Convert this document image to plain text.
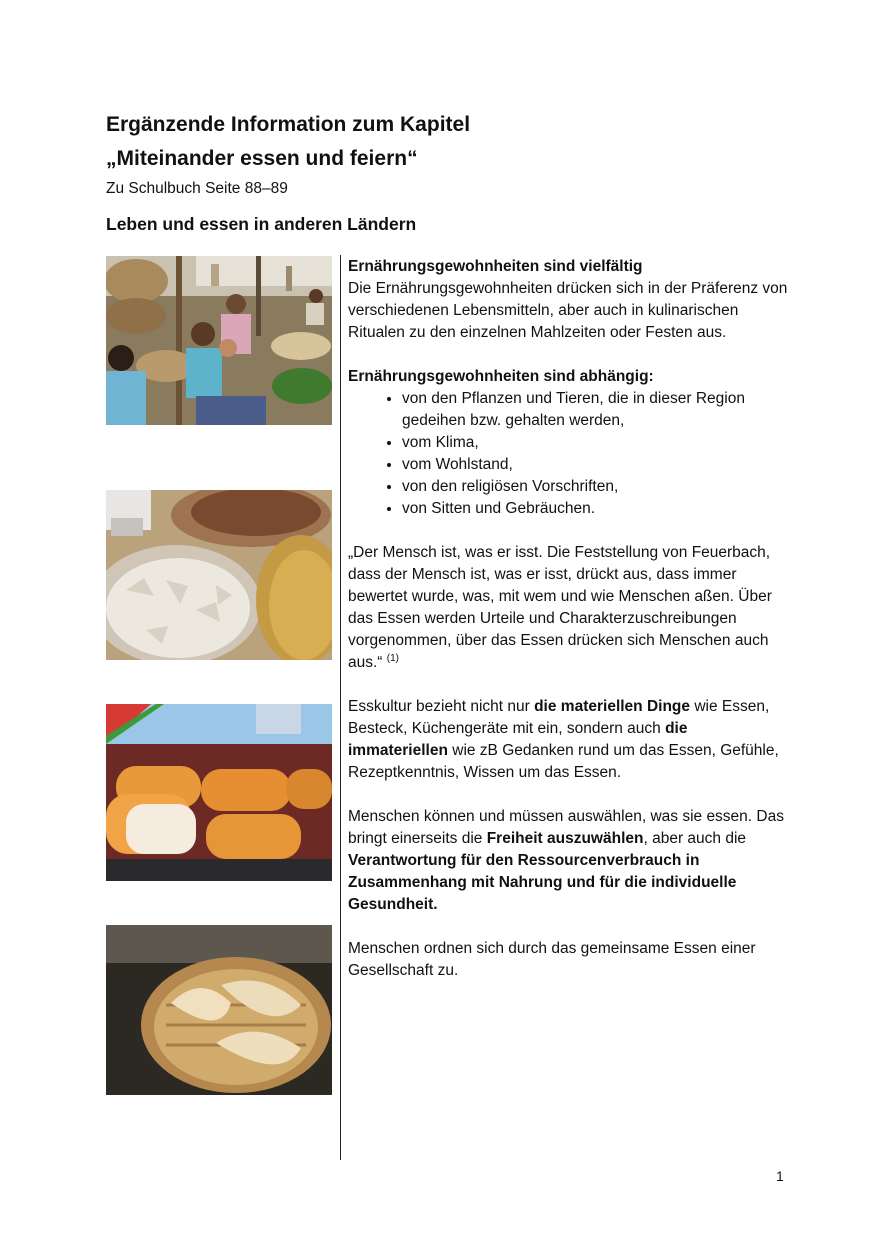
Ergänzende Information zum Kapitel
„Miteinander essen und feiern“
Zu Schulbuch Seite 88–89
Leben und essen in anderen Ländern

Ernährungsgewohnheiten sind vielfältig
Die Ernährungsgewohnheiten drücken sich in der Präferenz von verschiedenen Lebensmitteln, aber auch in kulinarischen Ritualen zu den einzelnen Mahlzeiten oder Festen aus.

Ernährungsgewohnheiten sind abhängig:
• von den Pflanzen und Tieren, die in dieser Region gedeihen bzw. gehalten werden,
• vom Klima,
• vom Wohlstand,
• von den religiösen Vorschriften,
• von Sitten und Gebräuchen.

„Der Mensch ist, was er isst. Die Feststellung von Feuerbach, dass der Mensch ist, was er isst, drückt aus, dass immer bewertet wurde, was, mit wem und wie Menschen aßen. Über das Essen werden Urteile und Charakterzuschreibungen vorgenommen, über das Essen drücken sich Menschen auch aus.“ $^{(1)}$

Esskultur bezieht nicht nur die materiellen Dinge wie Essen, Besteck, Küchengeräte mit ein, sondern auch die immateriellen wie zB Gedanken rund um das Essen, Gefühle, Rezeptkenntnis, Wissen um das Essen.

Menschen können und müssen auswählen, was sie essen. Das bringt einerseits die Freiheit auszuwählen, aber auch die Verantwortung für den Ressourcenverbrauch in Zusammenhang mit Nahrung und für die individuelle Gesundheit.

Menschen ordnen sich durch das gemeinsame Essen einer Gesellschaft zu.

1
